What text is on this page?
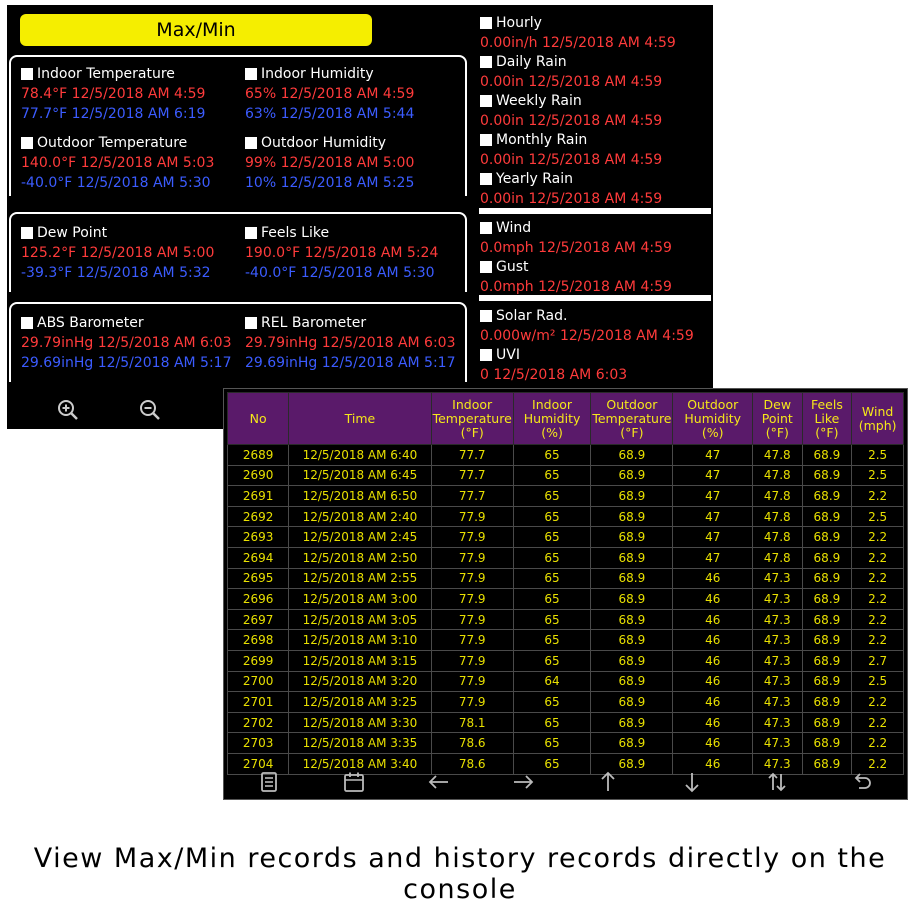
Max/Min
Indoor Temperature
78.4°F 12/5/2018 AM 4:59
77.7°F 12/5/2018 AM 6:19
Indoor Humidity
65% 12/5/2018 AM 4:59
63% 12/5/2018 AM 5:44
Outdoor Temperature
140.0°F 12/5/2018 AM 5:03
-40.0°F 12/5/2018 AM 5:30
Outdoor Humidity
99% 12/5/2018 AM 5:00
10% 12/5/2018 AM 5:25
Dew Point
125.2°F 12/5/2018 AM 5:00
-39.3°F 12/5/2018 AM 5:32
Feels Like
190.0°F 12/5/2018 AM 5:24
-40.0°F 12/5/2018 AM 5:30
ABS Barometer
29.79inHg 12/5/2018 AM 6:03
29.69inHg 12/5/2018 AM 5:17
REL Barometer
29.79inHg 12/5/2018 AM 6:03
29.69inHg 12/5/2018 AM 5:17
Hourly
0.00in/h 12/5/2018 AM 4:59
Daily Rain
0.00in 12/5/2018 AM 4:59
Weekly Rain
0.00in 12/5/2018 AM 4:59
Monthly Rain
0.00in 12/5/2018 AM 4:59
Yearly Rain
0.00in 12/5/2018 AM 4:59
Wind
0.0mph 12/5/2018 AM 4:59
Gust
0.0mph 12/5/2018 AM 4:59
Solar Rad.
0.000w/m² 12/5/2018 AM 4:59
UVI
0 12/5/2018 AM 6:03
No	Time	Indoor Temperature (°F)	Indoor Humidity (%)	Outdoor Temperature (°F)	Outdoor Humidity (%)	Dew Point (°F)	Feels Like (°F)	Wind (mph)
2689	12/5/2018 AM 6:40	77.7	65	68.9	47	47.8	68.9	2.5
2690	12/5/2018 AM 6:45	77.7	65	68.9	47	47.8	68.9	2.5
2691	12/5/2018 AM 6:50	77.7	65	68.9	47	47.8	68.9	2.2
2692	12/5/2018 AM 2:40	77.9	65	68.9	47	47.8	68.9	2.5
2693	12/5/2018 AM 2:45	77.9	65	68.9	47	47.8	68.9	2.2
2694	12/5/2018 AM 2:50	77.9	65	68.9	47	47.8	68.9	2.2
2695	12/5/2018 AM 2:55	77.9	65	68.9	46	47.3	68.9	2.2
2696	12/5/2018 AM 3:00	77.9	65	68.9	46	47.3	68.9	2.2
2697	12/5/2018 AM 3:05	77.9	65	68.9	46	47.3	68.9	2.2
2698	12/5/2018 AM 3:10	77.9	65	68.9	46	47.3	68.9	2.2
2699	12/5/2018 AM 3:15	77.9	65	68.9	46	47.3	68.9	2.7
2700	12/5/2018 AM 3:20	77.9	64	68.9	46	47.3	68.9	2.5
2701	12/5/2018 AM 3:25	77.9	65	68.9	46	47.3	68.9	2.2
2702	12/5/2018 AM 3:30	78.1	65	68.9	46	47.3	68.9	2.2
2703	12/5/2018 AM 3:35	78.6	65	68.9	46	47.3	68.9	2.2
2704	12/5/2018 AM 3:40	78.6	65	68.9	46	47.3	68.9	2.2
View Max/Min records and history records directly on the console
